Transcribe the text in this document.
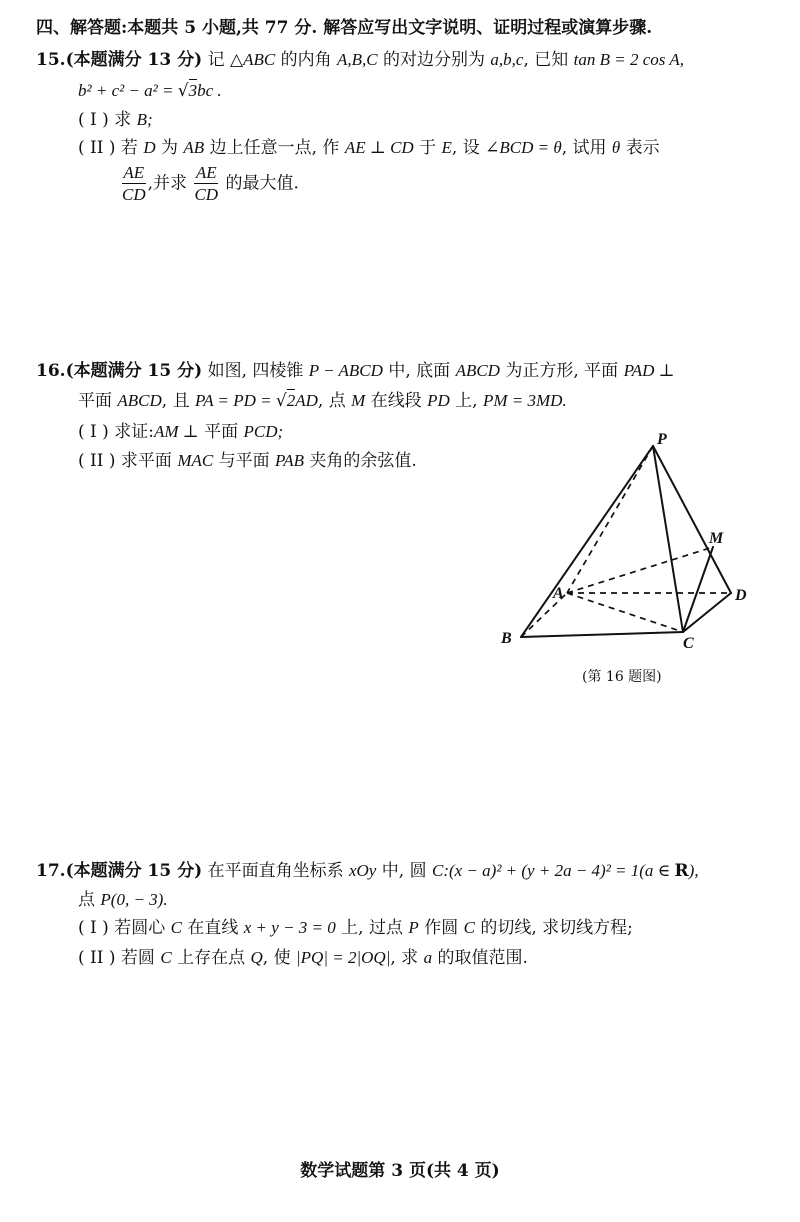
四、解答题:本题共 5 小题,共 77 分. 解答应写出文字说明、证明过程或演算步骤.
15.(本题满分 13 分) 记 △ABC 的内角 A,B,C 的对边分别为 a,b,c, 已知 tan B = 2 cos A,
b² + c² − a² = √3bc .
( I ) 求 B;
( II ) 若 D 为 AB 边上任意一点, 作 AE ⊥ CD 于 E, 设 ∠BCD = θ, 试用 θ 表示
$\frac{AE}{CD}$ ,并求 $\frac{AE}{CD}$ 的最大值.
16.(本题满分 15 分) 如图, 四棱锥 P − ABCD 中, 底面 ABCD 为正方形, 平面 PAD ⊥
平面 ABCD, 且 PA = PD = √2AD, 点 M 在线段 PD 上, PM = 3MD.
( I ) 求证:AM ⊥ 平面 PCD;
( II ) 求平面 MAC 与平面 PAB 夹角的余弦值.
P
M
A	D
B	C
(第 16 题图)
17.(本题满分 15 分) 在平面直角坐标系 xOy 中, 圆 C:(x − a)² + (y + 2a − 4)² = 1(a ∈ R),
点 P(0, − 3).
( I ) 若圆心 C 在直线 x + y − 3 = 0 上, 过点 P 作圆 C 的切线, 求切线方程;
( II ) 若圆 C 上存在点 Q, 使 |PQ| = 2|OQ|, 求 a 的取值范围.
数学试题第 3 页(共 4 页)
